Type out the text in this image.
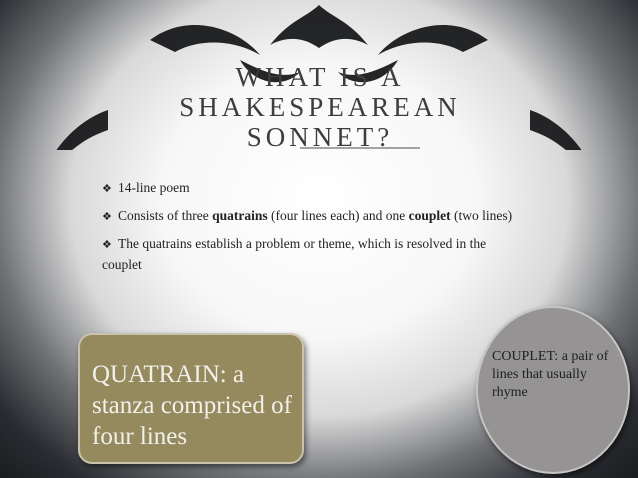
WHAT IS A SHAKESPEAREAN SONNET?
❖ 14-line poem
❖ Consists of three quatrains (four lines each) and one couplet (two lines)
❖ The quatrains establish a problem or theme, which is resolved in the couplet
QUATRAIN: a stanza comprised of four lines
COUPLET: a pair of lines that usually rhyme
